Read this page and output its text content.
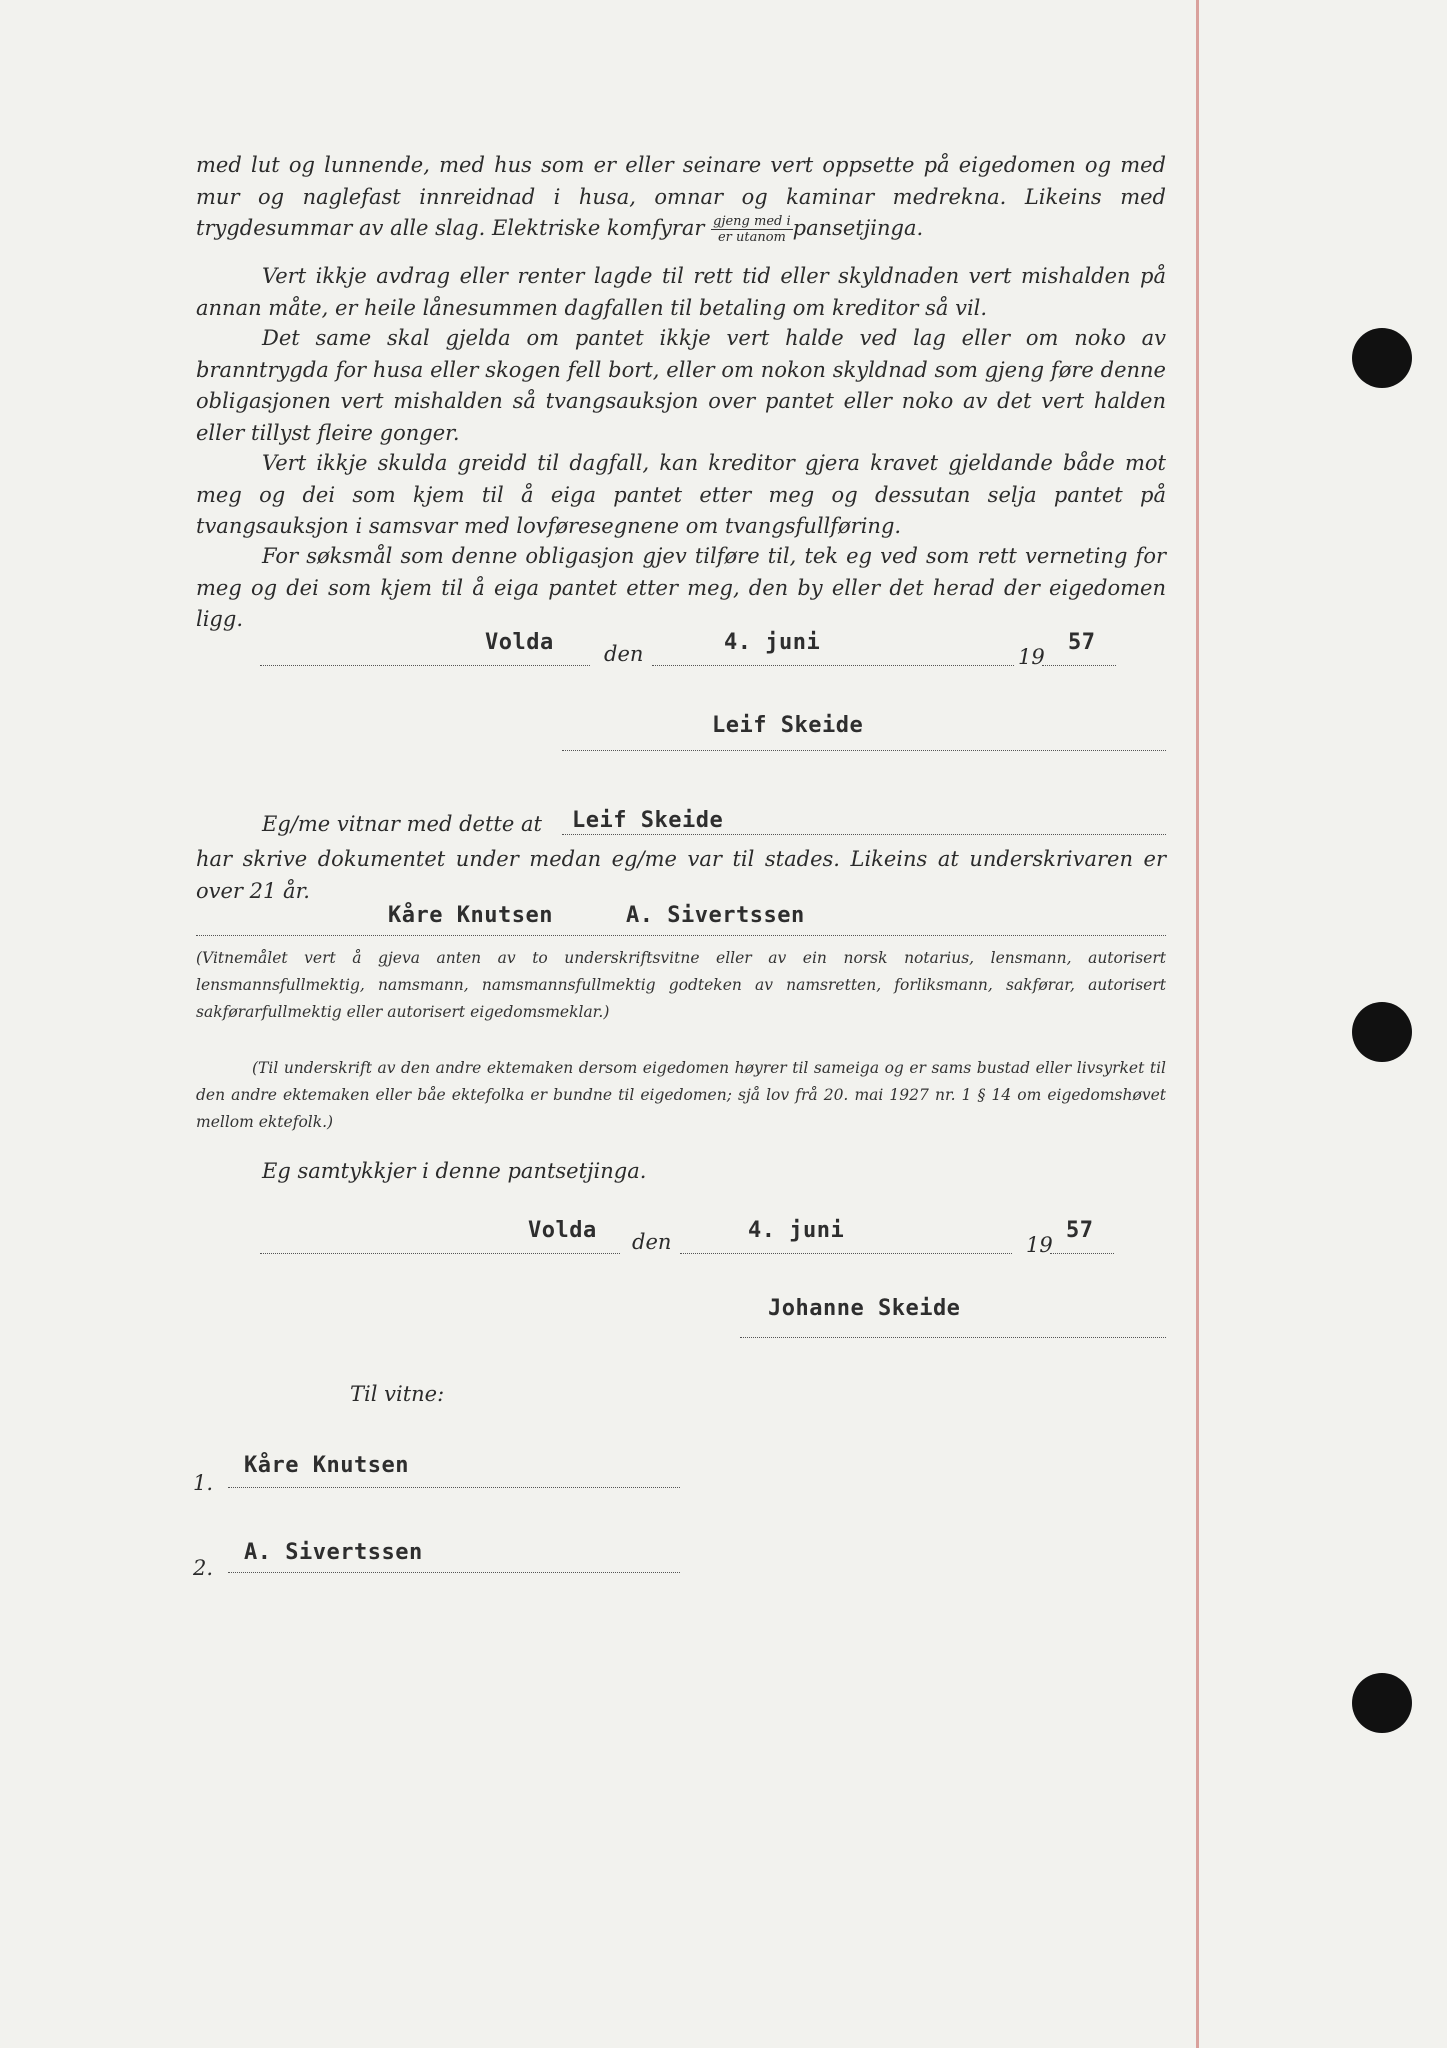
med lut og lunnende, med hus som er eller seinare vert oppsette på eigedomen og med mur og naglefast innreidnad i husa, omnar og kaminar medrekna. Likeins med trygdesummar av alle slag. Elektriske komfyrar $\frac{\text{gjeng med i}}{\text{er utanom}}$ pansetjinga.

Vert ikkje avdrag eller renter lagde til rett tid eller skyldnaden vert mishalden på annan måte, er heile lånesummen dagfallen til betaling om kreditor så vil.

Det same skal gjelda om pantet ikkje vert halde ved lag eller om noko av branntrygda for husa eller skogen fell bort, eller om nokon skyldnad som gjeng føre denne obligasjonen vert mishalden så tvangsauksjon over pantet eller noko av det vert halden eller tillyst fleire gonger.

Vert ikkje skulda greidd til dagfall, kan kreditor gjera kravet gjeldande både mot meg og dei som kjem til å eiga pantet etter meg og dessutan selja pantet på tvangsauksjon i samsvar med lovføresegnene om tvangsfullføring.

For søksmål som denne obligasjon gjev tilføre til, tek eg ved som rett verneting for meg og dei som kjem til å eiga pantet etter meg, den by eller det herad der eigedomen ligg.

Volda den	4. juni
19
57
Leif Skeide
Eg/me vitnar med dette at Leif Skeide

har skrive dokumentet under medan eg/me var til stades. Likeins at underskrivaren er over 21 år.

Kåre Knutsen	A. Sivertssen

(Vitnemålet vert å gjeva anten av to underskriftsvitne eller av ein norsk notarius, lensmann, autorisert lensmannsfullmektig, namsmann, namsmannsfullmektig godteken av namsretten, forliksmann, sakførar, autorisert sakførarfullmektig eller autorisert eigedomsmeklar.)

(Til underskrift av den andre ektemaken dersom eigedomen høyrer til sameiga og er sams bustad eller livsyrket til den andre ektemaken eller båe ektefolka er bundne til eigedomen; sjå lov frå 20. mai 1927 nr. 1 § 14 om eigedomshøvet mellom ektefolk.)

Eg samtykkjer i denne pantsetjinga.
Volda den	4. juni
19
57
Johanne Skeide
Til vitne:
1.
Kåre Knutsen
2.
A. Sivertssen
